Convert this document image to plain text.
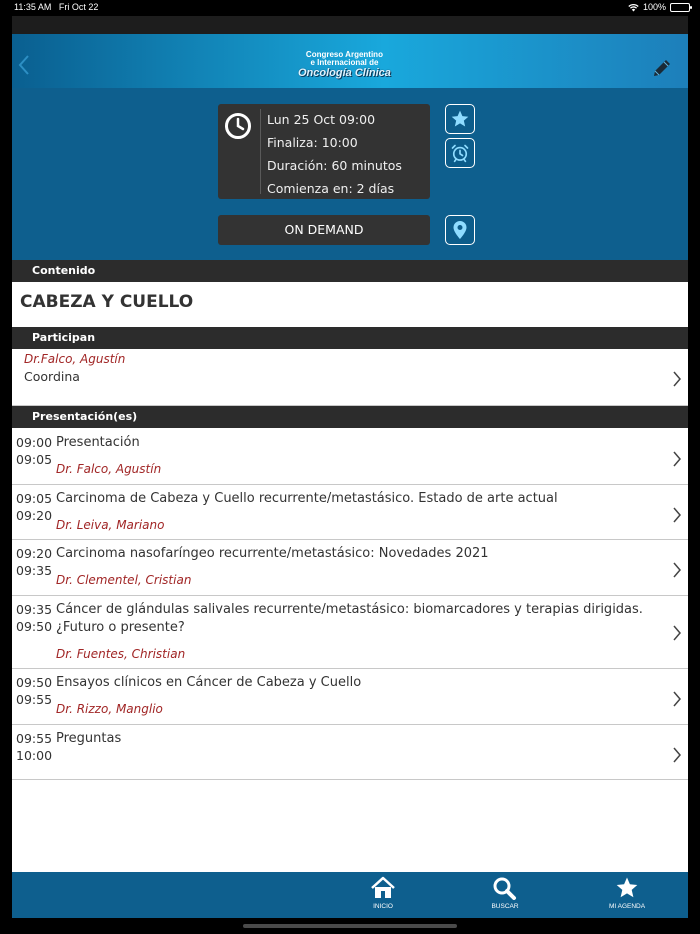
11:35 AM Fri Oct 22	100%
Congreso Argentino
e Internacional de
Oncología Clínica
Lun 25 Oct 09:00
Finaliza: 10:00
Duración: 60 minutos
Comienza en: 2 días
ON DEMAND
Contenido
CABEZA Y CUELLO
Participan
Dr.Falco, Agustín
Coordina
Presentación(es)
09:00
09:05
Presentación
Dr. Falco, Agustín
09:05
09:20
Carcinoma de Cabeza y Cuello recurrente/metastásico. Estado de arte actual
Dr. Leiva, Mariano
09:20
09:35
Carcinoma nasofaríngeo recurrente/metastásico: Novedades 2021
Dr. Clementel, Cristian
09:35
09:50
Cáncer de glándulas salivales recurrente/metastásico: biomarcadores y terapias dirigidas. ¿Futuro o presente?
Dr. Fuentes, Christian
09:50
09:55
Ensayos clínicos en Cáncer de Cabeza y Cuello
Dr. Rizzo, Manglio
09:55
10:00
Preguntas
INICIO	BUSCAR	MI AGENDA
